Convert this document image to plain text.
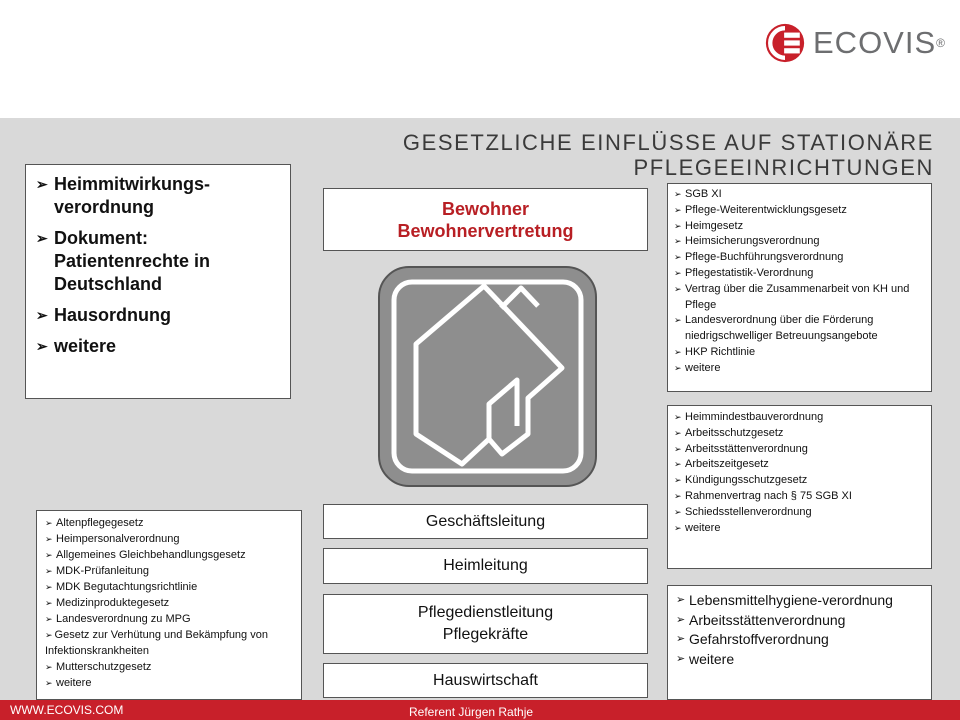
ECOVIS ®
GESETZLICHE EINFLÜSSE AUF STATIONÄRE
PFLEGEEINRICHTUNGEN
➢ Heimmitwirkungs-verordnung
➢ Dokument: Patientenrechte in Deutschland
➢ Hausordnung
➢ weitere
Bewohner
Bewohnervertretung
Geschäftsleitung
Heimleitung
Pflegedienstleitung
Pflegekräfte
Hauswirtschaft
➢ SGB XI
➢ Pflege-Weiterentwicklungsgesetz
➢ Heimgesetz
➢ Heimsicherungsverordnung
➢ Pflege-Buchführungsverordnung
➢ Pflegestatistik-Verordnung
➢ Vertrag über die Zusammenarbeit von KH und Pflege
➢ Landesverordnung über die Förderung niedrigschwelliger Betreuungsangebote
➢ HKP Richtlinie
➢ weitere
➢ Heimmindestbauverordnung
➢ Arbeitsschutzgesetz
➢ Arbeitsstättenverordnung
➢ Arbeitszeitgesetz
➢ Kündigungsschutzgesetz
➢ Rahmenvertrag nach § 75 SGB XI
➢ Schiedsstellenverordnung
➢ weitere
➢ Lebensmittelhygiene-verordnung
➢ Arbeitsstättenverordnung
➢ Gefahrstoffverordnung
➢ weitere
➢ Altenpflegegesetz
➢ Heimpersonalverordnung
➢ Allgemeines Gleichbehandlungsgesetz
➢ MDK-Prüfanleitung
➢ MDK Begutachtungsrichtlinie
➢ Medizinproduktegesetz
➢ Landesverordnung zu MPG
➢ Gesetz zur Verhütung und Bekämpfung von Infektionskrankheiten
➢ Mutterschutzgesetz
➢ weitere
WWW.ECOVIS.COM	Referent Jürgen Rathje
